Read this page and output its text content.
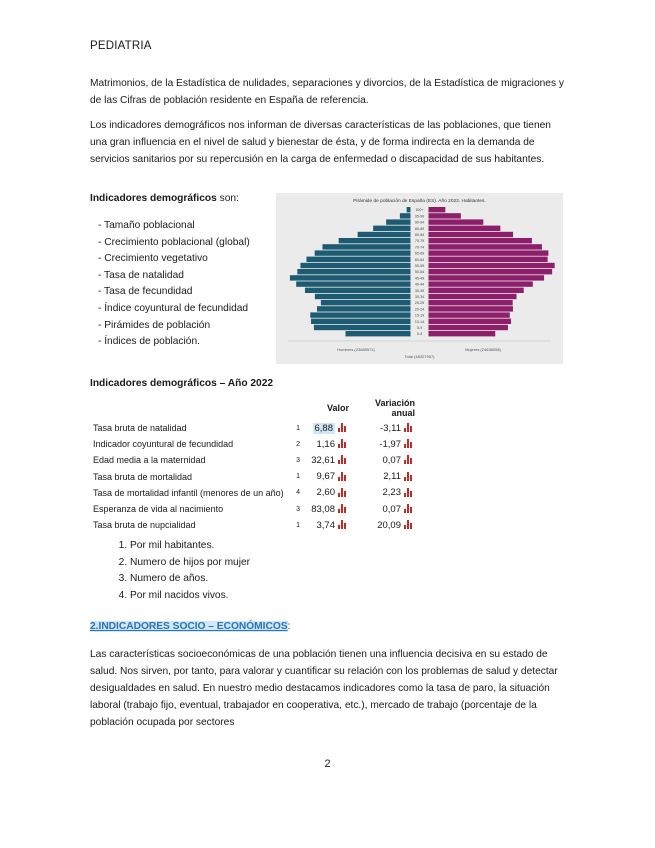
PEDIATRIA
Matrimonios, de la Estadística de nulidades, separaciones y divorcios, de la Estadística de migraciones y de las Cifras de población residente en España de referencia.
Los indicadores demográficos nos informan de diversas características de las poblaciones, que tienen una gran influencia en el nivel de salud y bienestar de ésta, y de forma indirecta en la demanda de servicios sanitarios por su repercusión en la carga de enfermedad o discapacidad de sus habitantes.
Indicadores demográficos son:
- Tamaño poblacional
- Crecimiento poblacional (global)
- Crecimiento vegetativo
- Tasa de natalidad
- Tasa de fecundidad
- Índice coyuntural de fecundidad
- Pirámides de población
- Índices de población.
Pirámide de población de España (ES). Año 2023. Habitantes.
100+
95-99
90-94
85-89
80-84
75-79
70-74
65-69
60-64
55-59
50-54
45-49
40-44
35-39
30-34
25-29
20-24
15-19
10-14
5-9
0-4
Hombres (23689571)	Mujeres (24638058)
Total (48327957)
Indicadores demográficos – Año 2022
		Valor		Variación anual	
Tasa bruta de natalidad	1	6,88		-3,11	

Indicador coyuntural de fecundidad	2	1,16		-1,97	

Edad media a la maternidad	3	32,61		0,07	

Tasa bruta de mortalidad	1	9,67		2,11	

Tasa de mortalidad infantil (menores de un año)	4	2,60		2,23	

Esperanza de vida al nacimiento	3	83,08		0,07	

Tasa bruta de nupcialidad	1	3,74		20,09	
1. Por mil habitantes.
2. Numero de hijos por mujer
3. Numero de años.
4. Por mil nacidos vivos.
2.INDICADORES SOCIO – ECONÓMICOS:
Las características socioeconómicas de una población tienen una influencia decisiva en su estado de salud. Nos sirven, por tanto, para valorar y cuantificar su relación con los problemas de salud y detectar desigualdades en salud. En nuestro medio destacamos indicadores como la tasa de paro, la situación laboral (trabajo fijo, eventual, trabajador en cooperativa, etc.), mercado de trabajo (porcentaje de la población ocupada por sectores
2
